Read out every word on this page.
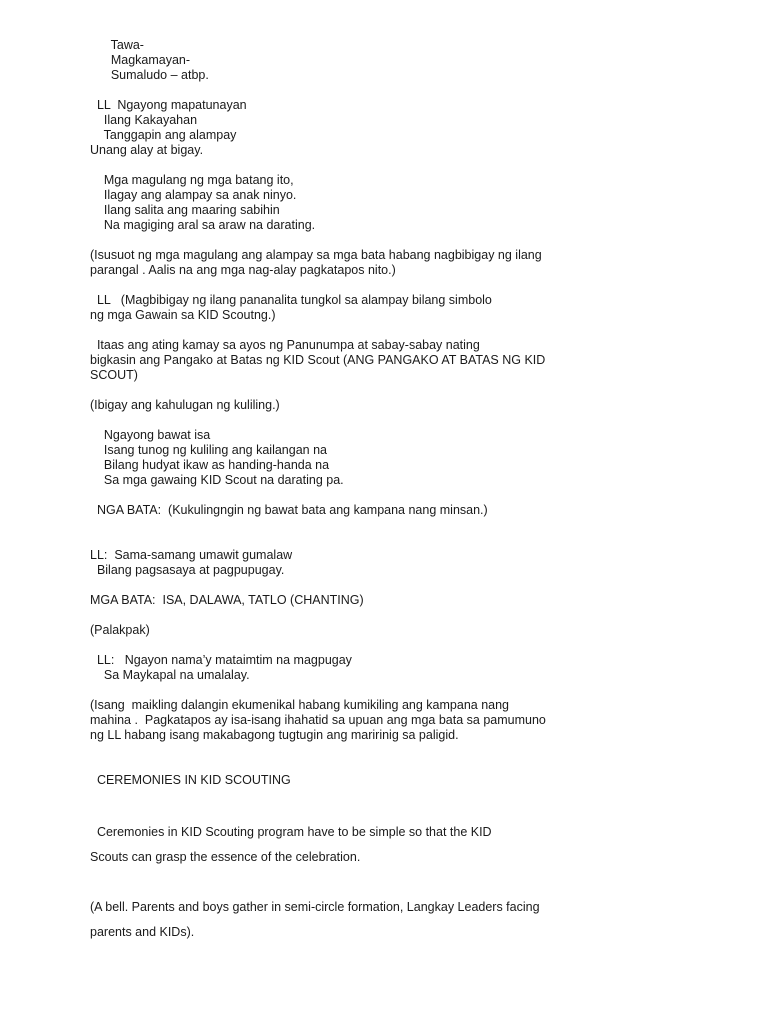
Tawa-
Magkamayan-
Sumaludo – atbp.
LL  Ngayong mapatunayan
Ilang Kakayahan
Tanggapin ang alampay
Unang alay at bigay.
Mga magulang ng mga batang ito,
Ilagay ang alampay sa anak ninyo.
Ilang salita ang maaring sabihin
Na magiging aral sa araw na darating.
(Isusuot ng mga magulang ang alampay sa mga bata habang nagbibigay ng ilang
parangal . Aalis na ang mga nag-alay pagkatapos nito.)
LL   (Magbibigay ng ilang pananalita tungkol sa alampay bilang simbolo
ng mga Gawain sa KID Scoutng.)
Itaas ang ating kamay sa ayos ng Panunumpa at sabay-sabay nating
bigkasin ang Pangako at Batas ng KID Scout (ANG PANGAKO AT BATAS NG KID
SCOUT)
(Ibigay ang kahulugan ng kuliling.)
Ngayong bawat isa
Isang tunog ng kuliling ang kailangan na
Bilang hudyat ikaw as handing-handa na
Sa mga gawaing KID Scout na darating pa.
NGA BATA:  (Kukulingngin ng bawat bata ang kampana nang minsan.)
LL:  Sama-samang umawit gumalaw
Bilang pagsasaya at pagpupugay.
MGA BATA:  ISA, DALAWA, TATLO (CHANTING)
(Palakpak)
LL:   Ngayon nama’y mataimtim na magpugay
Sa Maykapal na umalalay.
(Isang  maikling dalangin ekumenikal habang kumikiling ang kampana nang
mahina .  Pagkatapos ay isa-isang ihahatid sa upuan ang mga bata sa pamumuno
ng LL habang isang makabagong tugtugin ang maririnig sa paligid.
CEREMONIES IN KID SCOUTING
Ceremonies in KID Scouting program have to be simple so that the KID
Scouts can grasp the essence of the celebration.
(A bell. Parents and boys gather in semi-circle formation, Langkay Leaders facing
parents and KIDs).
